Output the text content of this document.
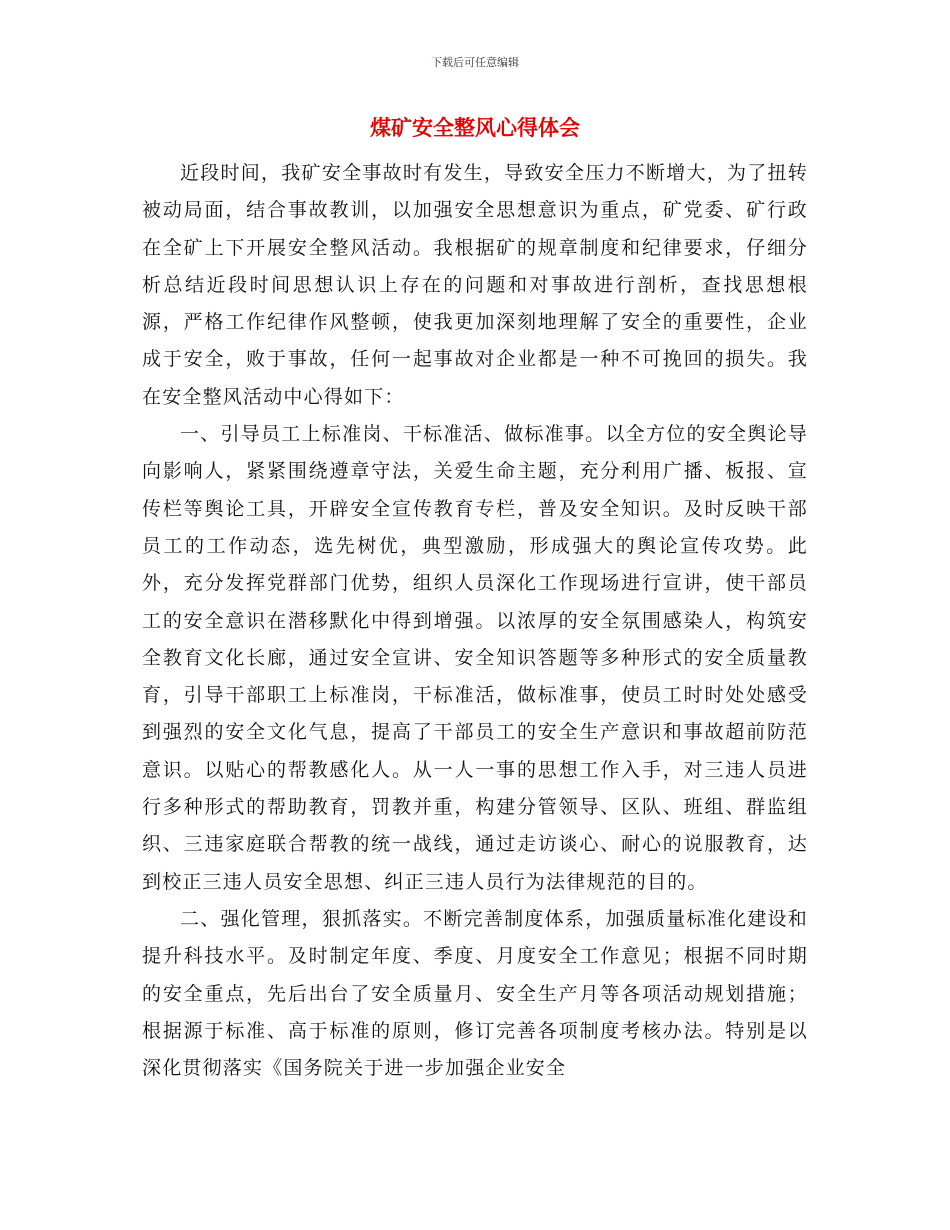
下载后可任意编辑
煤矿安全整风心得体会

近段时间，我矿安全事故时有发生，导致安全压力不断增大，为了扭转被动局面，结合事故教训，以加强安全思想意识为重点，矿党委、矿行政在全矿上下开展安全整风活动。我根据矿的规章制度和纪律要求，仔细分析总结近段时间思想认识上存在的问题和对事故进行剖析，查找思想根源，严格工作纪律作风整顿，使我更加深刻地理解了安全的重要性，企业成于安全，败于事故，任何一起事故对企业都是一种不可挽回的损失。我在安全整风活动中心得如下：

一、引导员工上标准岗、干标准活、做标准事。以全方位的安全舆论导向影响人，紧紧围绕遵章守法，关爱生命主题，充分利用广播、板报、宣传栏等舆论工具，开辟安全宣传教育专栏，普及安全知识。及时反映干部员工的工作动态，选先树优，典型激励，形成强大的舆论宣传攻势。此外，充分发挥党群部门优势，组织人员深化工作现场进行宣讲，使干部员工的安全意识在潜移默化中得到增强。以浓厚的安全氛围感染人，构筑安全教育文化长廊，通过安全宣讲、安全知识答题等多种形式的安全质量教育，引导干部职工上标准岗，干标准活，做标准事，使员工时时处处感受到强烈的安全文化气息，提高了干部员工的安全生产意识和事故超前防范意识。以贴心的帮教感化人。从一人一事的思想工作入手，对三违人员进行多种形式的帮助教育，罚教并重，构建分管领导、区队、班组、群监组织、三违家庭联合帮教的统一战线，通过走访谈心、耐心的说服教育，达到校正三违人员安全思想、纠正三违人员行为法律规范的目的。

二、强化管理，狠抓落实。不断完善制度体系，加强质量标准化建设和提升科技水平。及时制定年度、季度、月度安全工作意见；根据不同时期的安全重点，先后出台了安全质量月、安全生产月等各项活动规划措施；根据源于标准、高于标准的原则，修订完善各项制度考核办法。特别是以深化贯彻落实《国务院关于进一步加强企业安全
